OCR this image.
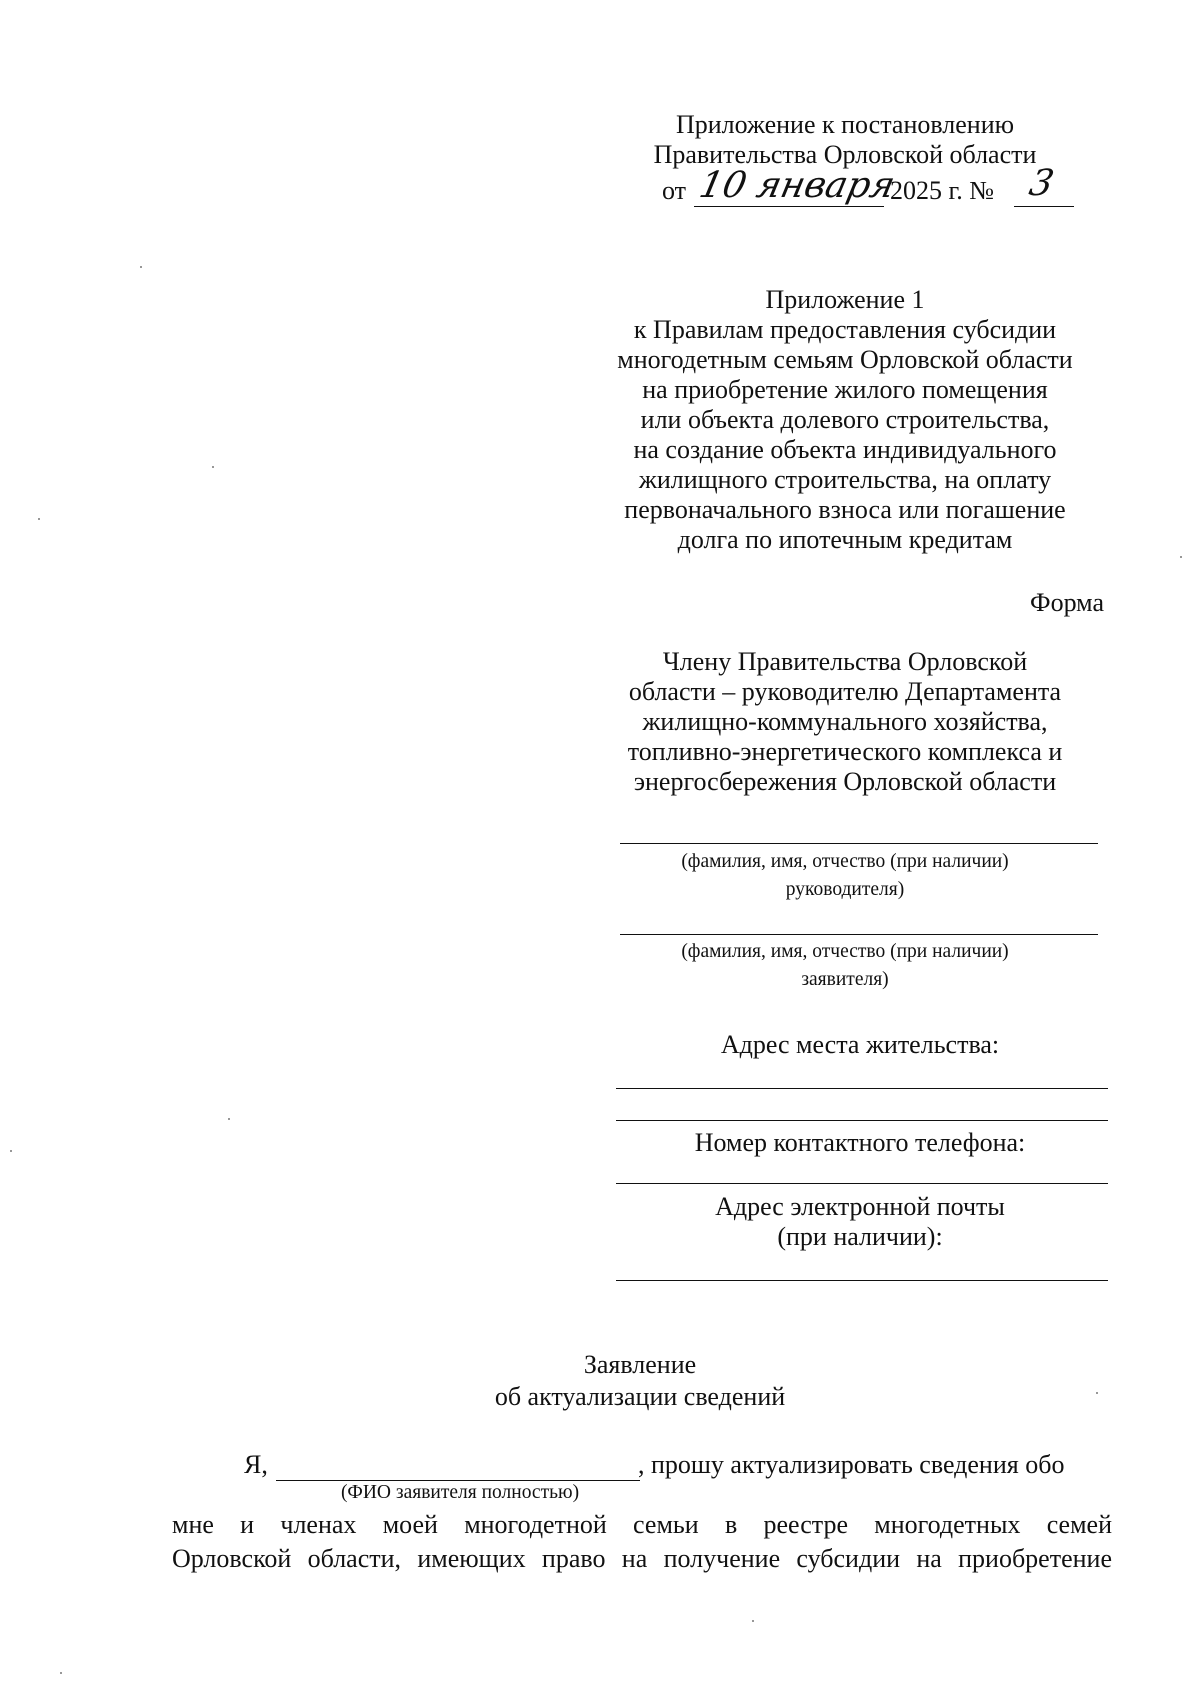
Приложение к постановлению
Правительства Орловской области
от 10 января
2025 г. № 3
Приложение 1
к Правилам предоставления субсидии
многодетным семьям Орловской области
на приобретение жилого помещения
или объекта долевого строительства,
на создание объекта индивидуального
жилищного строительства, на оплату
первоначального взноса или погашение
долга по ипотечным кредитам
Форма
Члену Правительства Орловской
области – руководителю Департамента
жилищно-коммунального хозяйства,
топливно-энергетического комплекса и
энергосбережения Орловской области
(фамилия, имя, отчество (при наличии)
руководителя)
(фамилия, имя, отчество (при наличии)
заявителя)
Адрес места жительства:
Номер контактного телефона:
Адрес электронной почты
(при наличии):
Заявление
об актуализации сведений
Я,	, прошу актуализировать сведения обо
(ФИО заявителя полностью)
мне и членах моей многодетной семьи в реестре многодетных семей
Орловской области, имеющих право на получение субсидии на приобретение
